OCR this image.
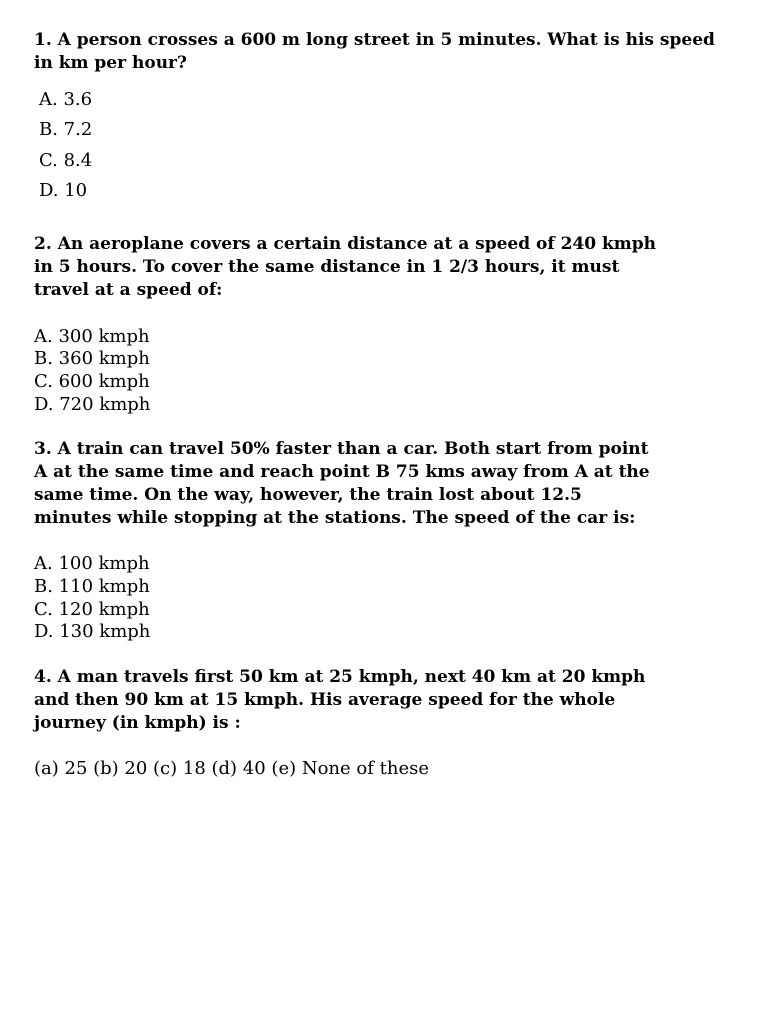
1. A person crosses a 600 m long street in 5 minutes. What is his speed
in km per hour?
A. 3.6
B. 7.2
C. 8.4
D. 10
2. An aeroplane covers a certain distance at a speed of 240 kmph
in 5 hours. To cover the same distance in 1 2/3 hours, it must
travel at a speed of:
A. 300 kmph
B. 360 kmph
C. 600 kmph
D. 720 kmph
3. A train can travel 50% faster than a car. Both start from point
A at the same time and reach point B 75 kms away from A at the
same time. On the way, however, the train lost about 12.5
minutes while stopping at the stations. The speed of the car is:
A. 100 kmph
B. 110 kmph
C. 120 kmph
D. 130 kmph
4. A man travels first 50 km at 25 kmph, next 40 km at 20 kmph
and then 90 km at 15 kmph. His average speed for the whole
journey (in kmph) is :
(a) 25 (b) 20 (c) 18 (d) 40 (e) None of these
